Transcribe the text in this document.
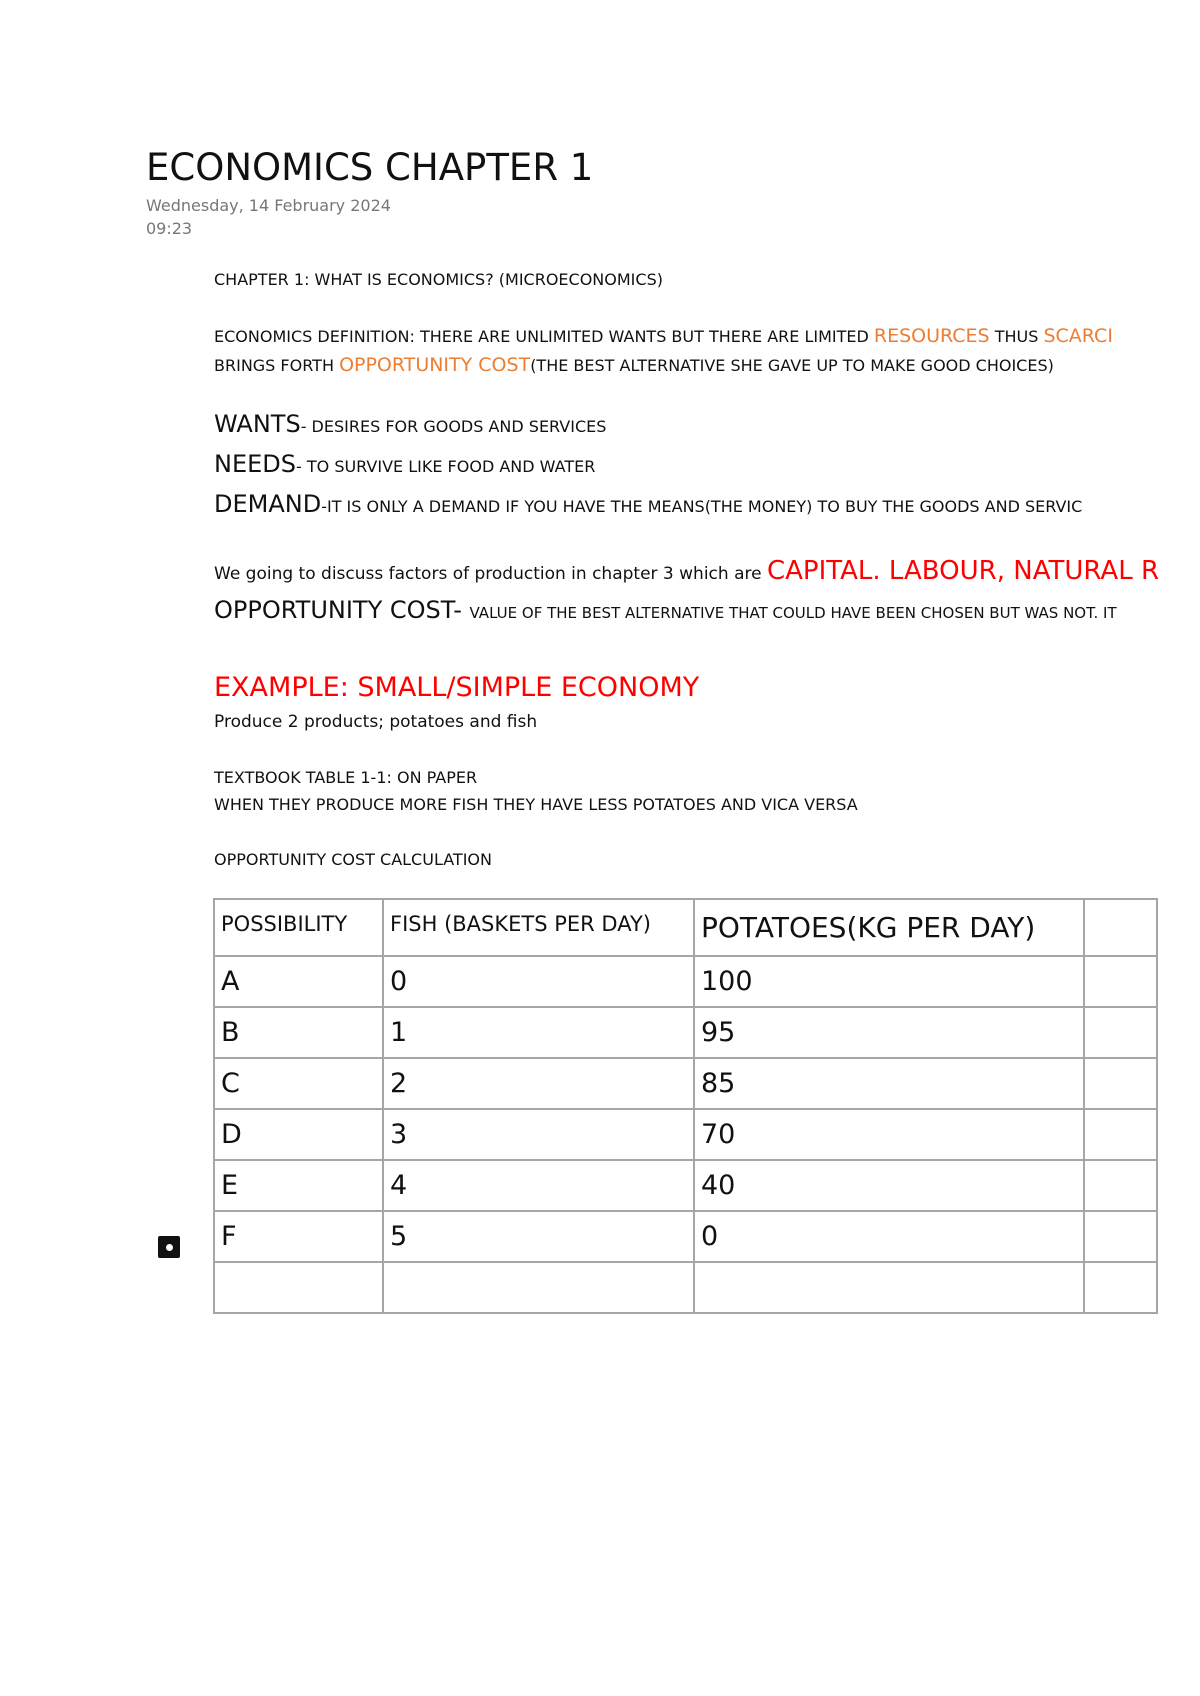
ECONOMICS CHAPTER 1
Wednesday, 14 February 2024
09:23
CHAPTER 1: WHAT IS ECONOMICS? (MICROECONOMICS)
ECONOMICS DEFINITION: THERE ARE UNLIMITED WANTS BUT THERE ARE LIMITED RESOURCES THUS SCARCI
BRINGS FORTH OPPORTUNITY COST(THE BEST ALTERNATIVE SHE GAVE UP TO MAKE GOOD CHOICES)
WANTS- DESIRES FOR GOODS AND SERVICES
NEEDS- TO SURVIVE LIKE FOOD AND WATER
DEMAND-IT IS ONLY A DEMAND IF YOU HAVE THE MEANS(THE MONEY) TO BUY THE GOODS AND SERVIC
We going to discuss factors of production in chapter 3 which are CAPITAL. LABOUR, NATURAL R
OPPORTUNITY COST- VALUE OF THE BEST ALTERNATIVE THAT COULD HAVE BEEN CHOSEN BUT WAS NOT. IT
EXAMPLE: SMALL/SIMPLE ECONOMY
Produce 2 products; potatoes and fish
TEXTBOOK TABLE 1-1: ON PAPER
WHEN THEY PRODUCE MORE FISH THEY HAVE LESS POTATOES AND VICA VERSA
OPPORTUNITY COST CALCULATION
POSSIBILITY	FISH (BASKETS PER DAY)	POTATOES(KG PER DAY)	
A	0	100	
B	1	95	
C	2	85	
D	3	70	
E	4	40	
F	5	0	
